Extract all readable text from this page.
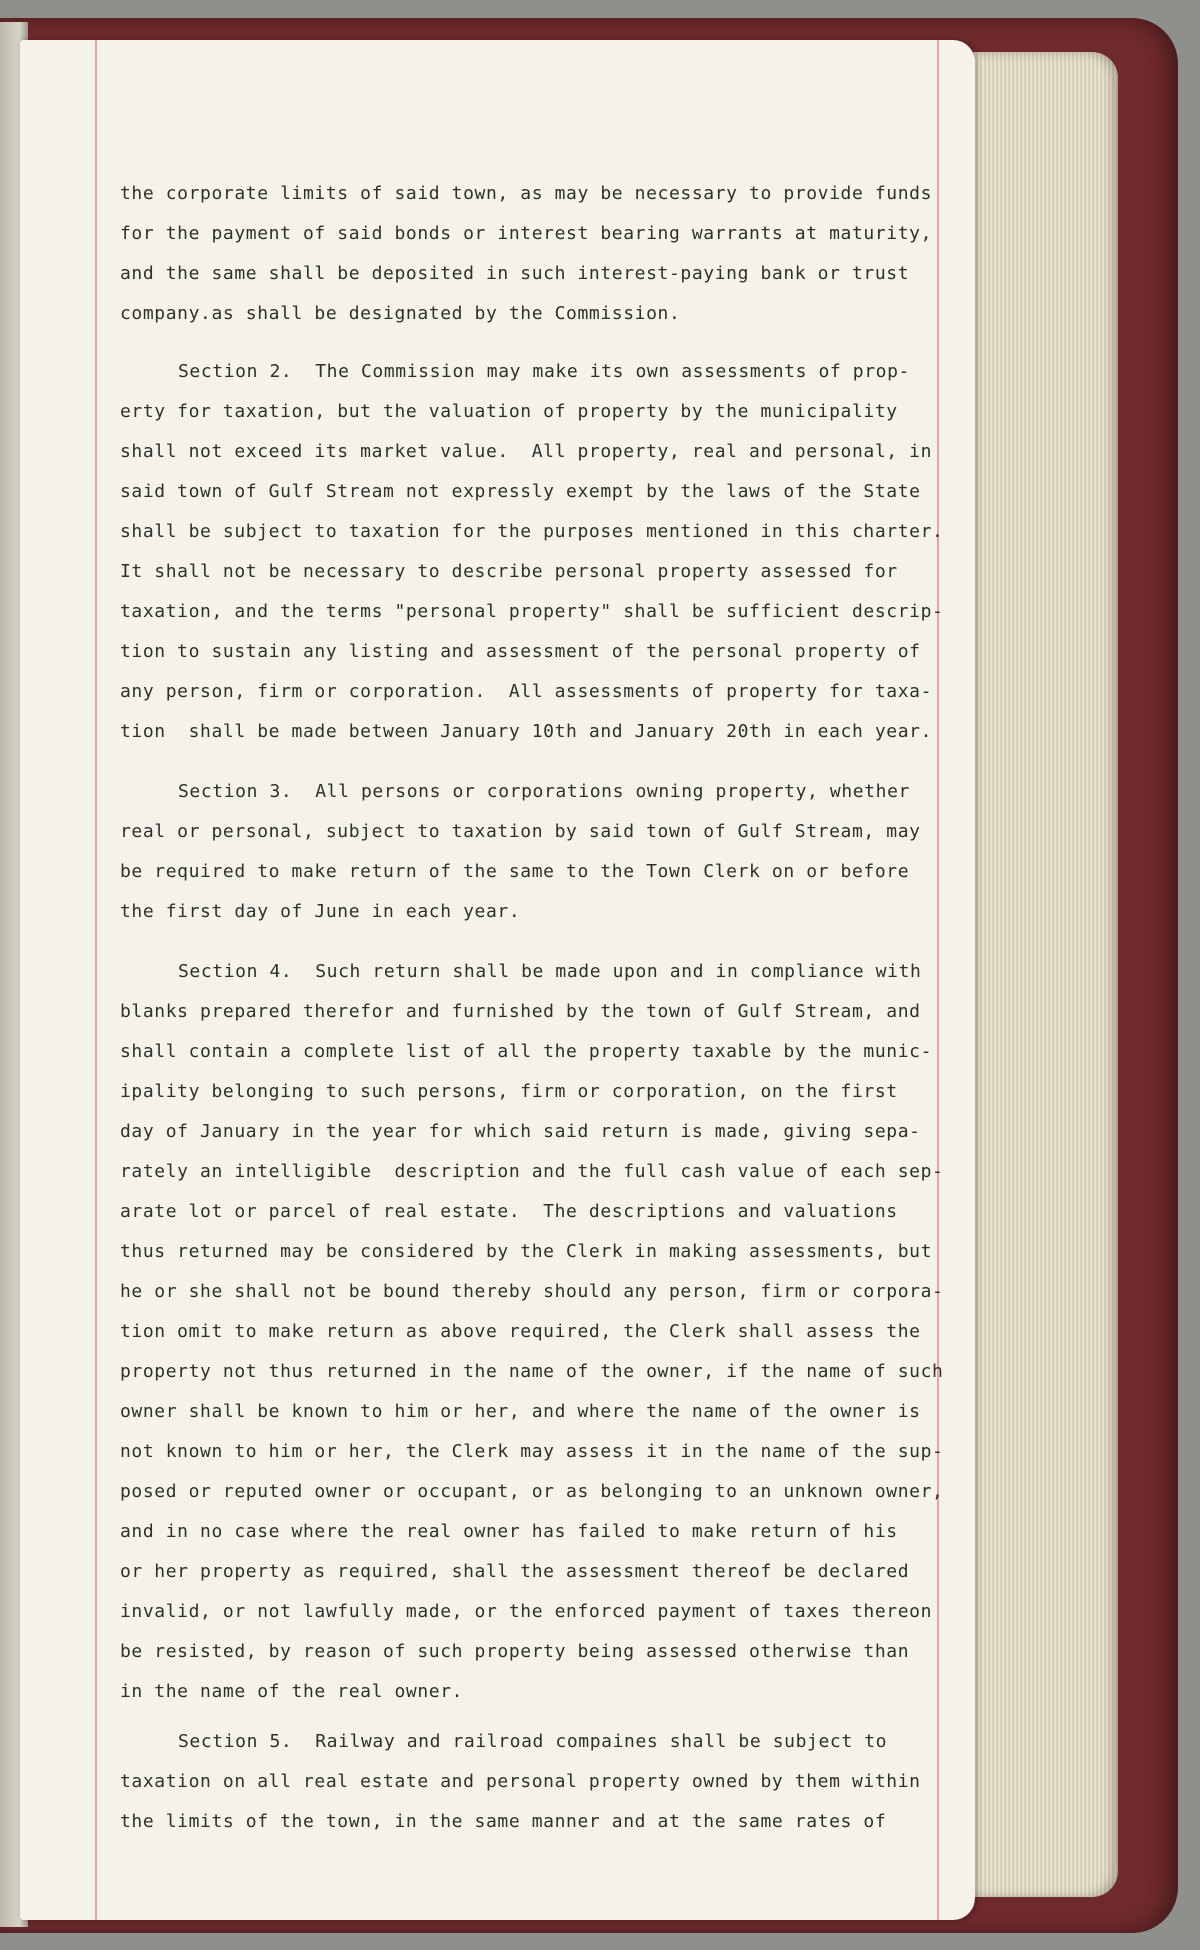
the corporate limits of said town, as may be necessary to provide funds
for the payment of said bonds or interest bearing warrants at maturity,
and the same shall be deposited in such interest-paying bank or trust
company.as shall be designated by the Commission.
Section 2.  The Commission may make its own assessments of prop-
erty for taxation, but the valuation of property by the municipality
shall not exceed its market value.  All property, real and personal, in
said town of Gulf Stream not expressly exempt by the laws of the State
shall be subject to taxation for the purposes mentioned in this charter.
It shall not be necessary to describe personal property assessed for
taxation, and the terms "personal property" shall be sufficient descrip-
tion to sustain any listing and assessment of the personal property of
any person, firm or corporation.  All assessments of property for taxa-
tion  shall be made between January 10th and January 20th in each year.
Section 3.  All persons or corporations owning property, whether
real or personal, subject to taxation by said town of Gulf Stream, may
be required to make return of the same to the Town Clerk on or before
the first day of June in each year.
Section 4.  Such return shall be made upon and in compliance with
blanks prepared therefor and furnished by the town of Gulf Stream, and
shall contain a complete list of all the property taxable by the munic-
ipality belonging to such persons, firm or corporation, on the first
day of January in the year for which said return is made, giving sepa-
rately an intelligible  description and the full cash value of each sep-
arate lot or parcel of real estate.  The descriptions and valuations
thus returned may be considered by the Clerk in making assessments, but
he or she shall not be bound thereby should any person, firm or corpora-
tion omit to make return as above required, the Clerk shall assess the
property not thus returned in the name of the owner, if the name of such
owner shall be known to him or her, and where the name of the owner is
not known to him or her, the Clerk may assess it in the name of the sup-
posed or reputed owner or occupant, or as belonging to an unknown owner,
and in no case where the real owner has failed to make return of his
or her property as required, shall the assessment thereof be declared
invalid, or not lawfully made, or the enforced payment of taxes thereon
be resisted, by reason of such property being assessed otherwise than
in the name of the real owner.
Section 5.  Railway and railroad compaines shall be subject to
taxation on all real estate and personal property owned by them within
the limits of the town, in the same manner and at the same rates of
